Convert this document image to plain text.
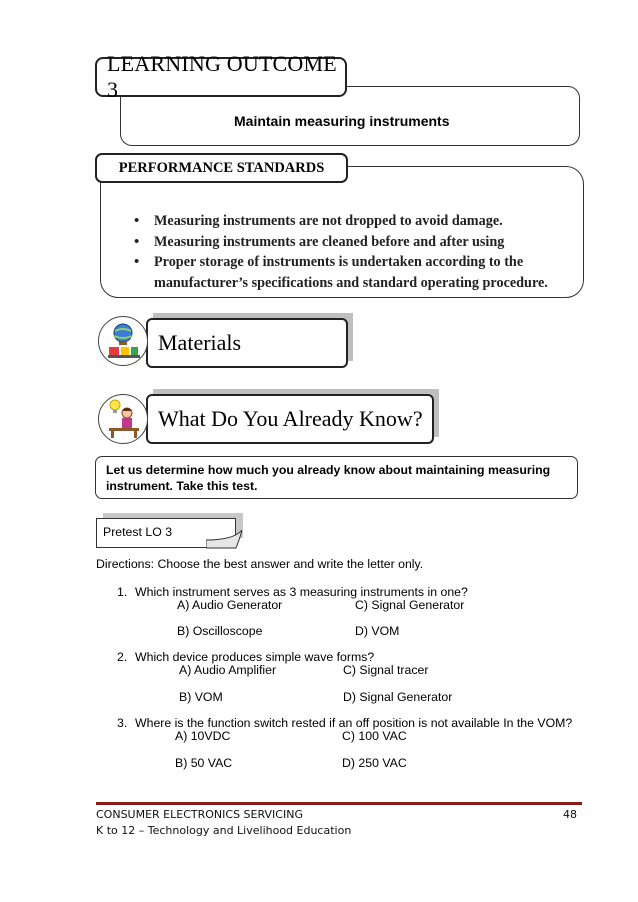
LEARNING OUTCOME 3
Maintain measuring instruments
PERFORMANCE STANDARDS
• Measuring instruments are not dropped to avoid damage.
• Measuring instruments are cleaned before and after using
• Proper storage of instruments is undertaken according to the
• manufacturer’s specifications and standard operating procedure.
Materials
What Do You Already Know?
Let us determine how much you already know about maintaining measuring
instrument. Take this test.
Pretest LO 3
Directions: Choose the best answer and write the letter only.
1. Which instrument serves as 3 measuring instruments in one?
A) Audio Generator	C) Signal Generator
B) Oscilloscope	D) VOM
2. Which device produces simple wave forms?
A) Audio Amplifier	C) Signal tracer
B) VOM	D) Signal Generator
3. Where is the function switch rested if an off position is not available In the VOM?
A) 10VDC	C) 100 VAC
B) 50 VAC	D) 250 VAC
CONSUMER ELECTRONICS SERVICING	48
K to 12 – Technology and Livelihood Education
